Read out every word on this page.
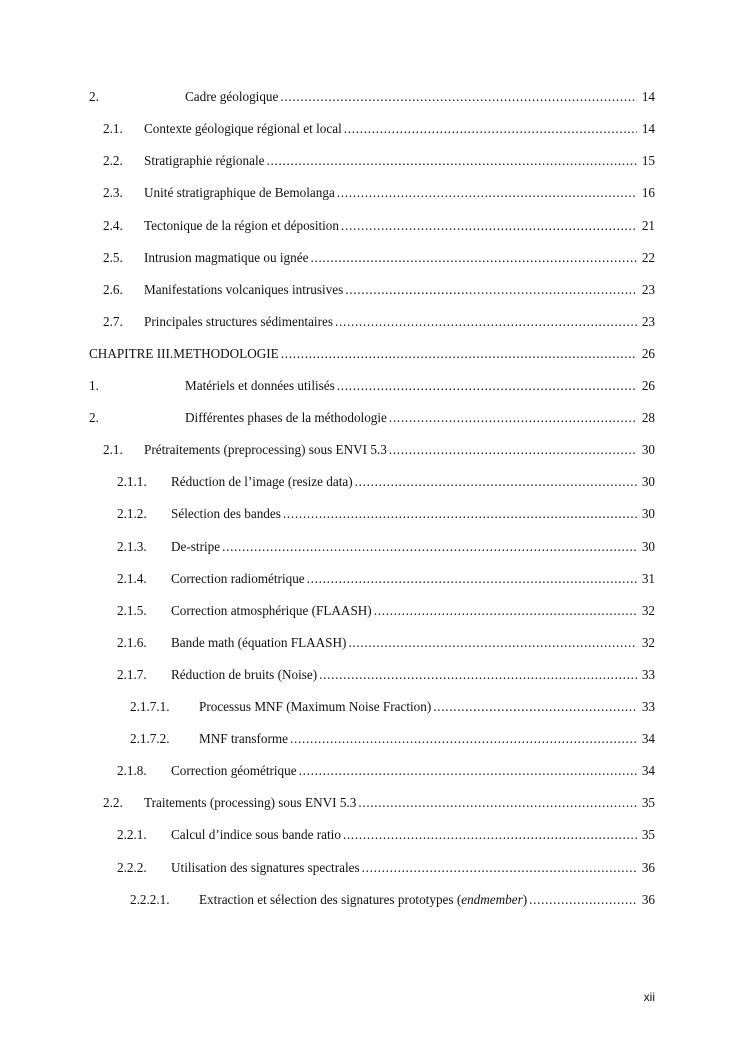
2.	Cadre géologique . . .	14
2.1. Contexte géologique régional et local . . .	14
2.2. Stratigraphie régionale . . .	15
2.3. Unité stratigraphique de Bemolanga . . .	16
2.4. Tectonique de la région et déposition . . .	21
2.5. Intrusion magmatique ou ignée . . .	22
2.6. Manifestations volcaniques intrusives . . .	23
2.7. Principales structures sédimentaires . . .	23
CHAPITRE III.METHODOLOGIE . . .	26
1.	Matériels et données utilisés . . .	26
2.	Différentes phases de la méthodologie . . .	28
2.1. Prétraitements (preprocessing) sous ENVI 5.3 . . .	30
2.1.1. Réduction de l’image (resize data) . . .	30
2.1.2. Sélection des bandes . . .	30
2.1.3. De-stripe . . .	30
2.1.4. Correction radiométrique . . .	31
2.1.5. Correction atmosphérique (FLAASH) . . .	32
2.1.6. Bande math (équation FLAASH) . . .	32
2.1.7. Réduction de bruits (Noise) . . .	33
2.1.7.1. Processus MNF (Maximum Noise Fraction) . . .	33
2.1.7.2. MNF transforme . . .	34
2.1.8. Correction géométrique . . .	34
2.2. Traitements (processing) sous ENVI 5.3 . . .	35
2.2.1. Calcul d’indice sous bande ratio . . .	35
2.2.2. Utilisation des signatures spectrales . . .	36
2.2.2.1. Extraction et sélection des signatures prototypes (endmember) . . .	36
xii
